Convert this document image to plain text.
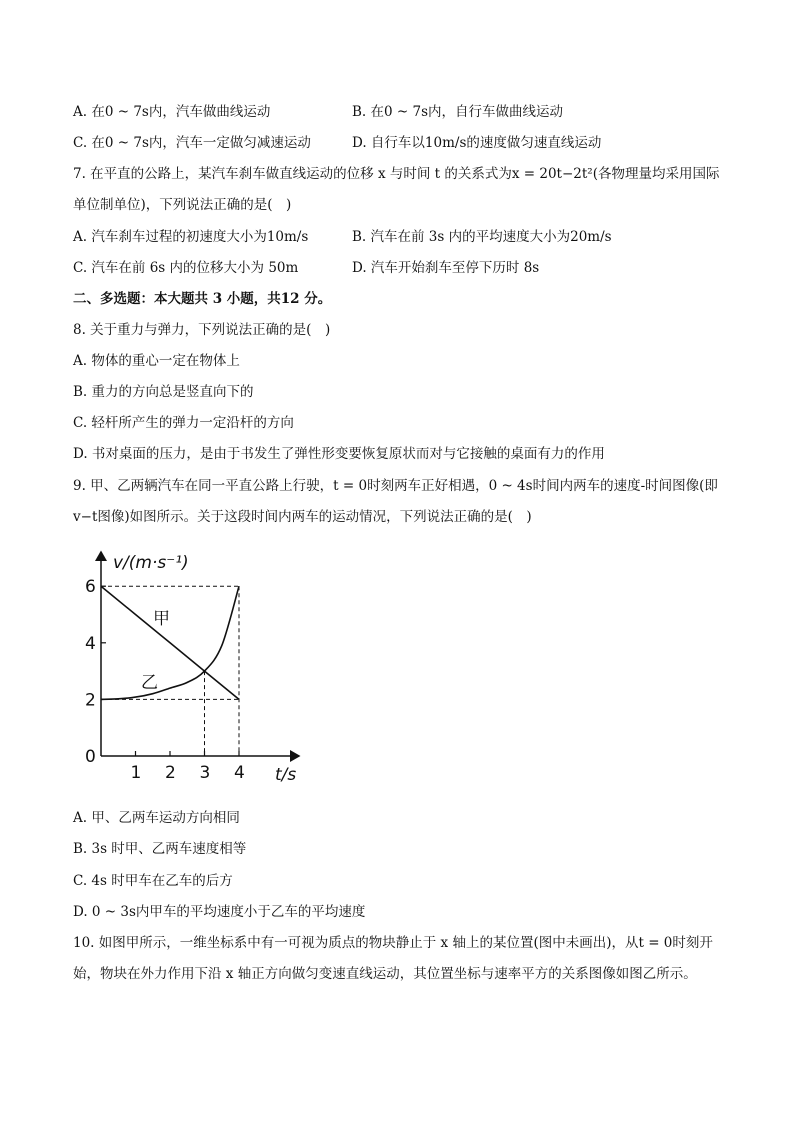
A. 在0 ~ 7s内，汽车做曲线运动	B. 在0 ~ 7s内，自行车做曲线运动
C. 在0 ~ 7s内，汽车一定做匀减速运动	D. 自行车以10m/s的速度做匀速直线运动
7. 在平直的公路上，某汽车刹车做直线运动的位移 x 与时间 t 的关系式为x = 20t−2t²(各物理量均采用国际
单位制单位)，下列说法正确的是(　)
A. 汽车刹车过程的初速度大小为10m/s	B. 汽车在前 3s 内的平均速度大小为20m/s
C. 汽车在前 6s 内的位移大小为 50m	D. 汽车开始刹车至停下历时 8s
二、多选题：本大题共 3 小题，共12 分。
8. 关于重力与弹力，下列说法正确的是(　)
A. 物体的重心一定在物体上
B. 重力的方向总是竖直向下的
C. 轻杆所产生的弹力一定沿杆的方向
D. 书对桌面的压力，是由于书发生了弹性形变要恢复原状而对与它接触的桌面有力的作用
9. 甲、乙两辆汽车在同一平直公路上行驶，t = 0时刻两车正好相遇，0 ~ 4s时间内两车的速度-时间图像(即
v−t图像)如图所示。关于这段时间内两车的运动情况，下列说法正确的是(　)
1 2 3 4
2
4
6
v/(m·s⁻¹)
t/s
0
甲
乙
A. 甲、乙两车运动方向相同
B. 3s 时甲、乙两车速度相等
C. 4s 时甲车在乙车的后方
D. 0 ~ 3s内甲车的平均速度小于乙车的平均速度
10. 如图甲所示，一维坐标系中有一可视为质点的物块静止于 x 轴上的某位置(图中未画出)，从t = 0时刻开
始，物块在外力作用下沿 x 轴正方向做匀变速直线运动，其位置坐标与速率平方的关系图像如图乙所示。
